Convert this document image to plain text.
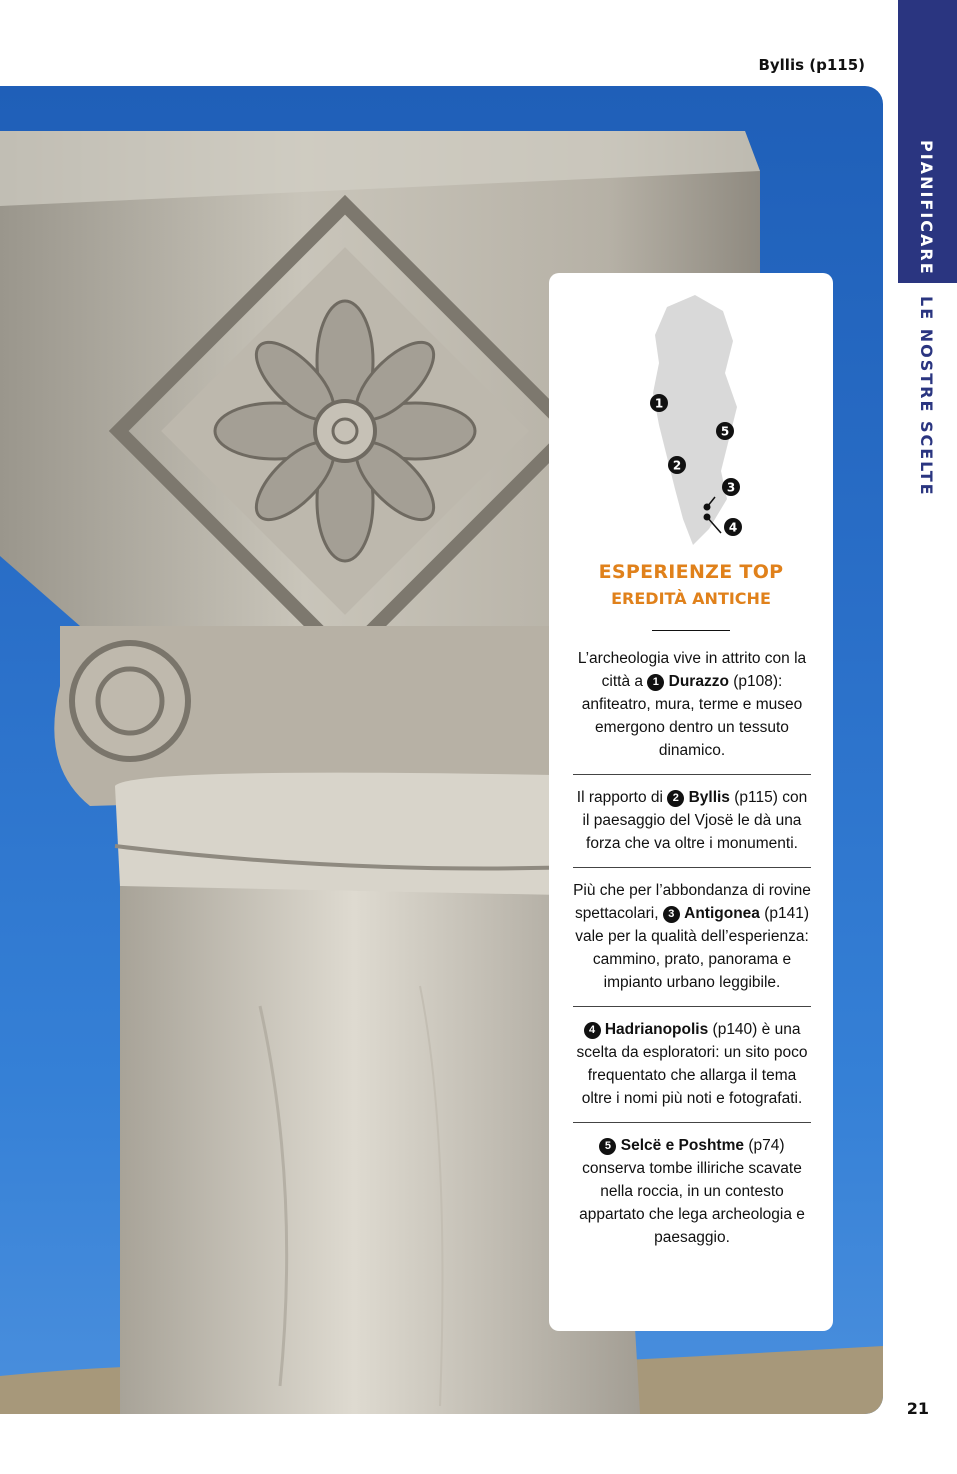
Byllis (p115)
PIANIFICARE
LE NOSTRE SCELTE
1
5
2
3
4
ESPERIENZE TOP
EREDITÀ ANTICHE
L’archeologia vive in attrito con la città a 1 Durazzo (p108): anfiteatro, mura, terme e museo emergono dentro un tessuto dinamico.
Il rapporto di 2 Byllis (p115) con il paesaggio del Vjosë le dà una forza che va oltre i monumenti.
Più che per l’abbondanza di rovine spettacolari, 3 Antigonea (p141) vale per la qualità dell’esperienza: cammino, prato, panorama e impianto urbano leggibile.
4 Hadrianopolis (p140) è una scelta da esploratori: un sito poco frequentato che allarga il tema oltre i nomi più noti e fotografati.
5 Selcë e Poshtme (p74) conserva tombe illiriche scavate nella roccia, in un contesto appartato che lega archeologia e paesaggio.
21
